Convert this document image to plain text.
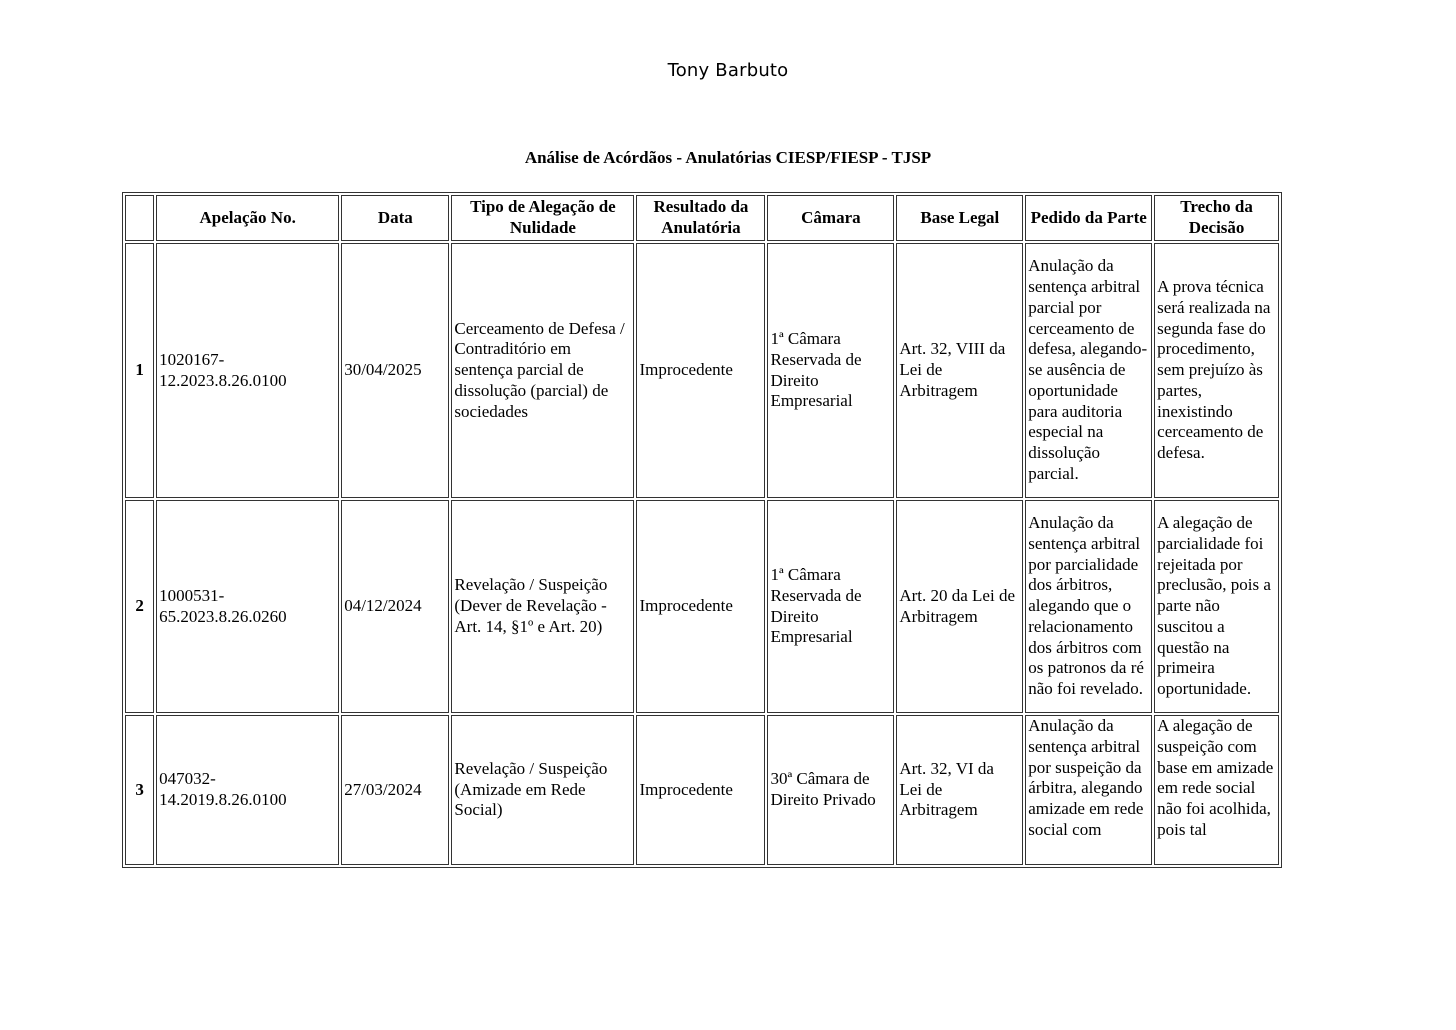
Tony Barbuto
Análise de Acórdãos - Anulatórias CIESP/FIESP - TJSP
	Apelação No.	Data	Tipo de Alegação de Nulidade	Resultado da Anulatória	Câmara	Base Legal	Pedido da Parte	Trecho da Decisão
1	1020167-12.2023.8.26.0100	30/04/2025	Cerceamento de Defesa / Contraditório em sentença parcial de dissolução (parcial) de sociedades	Improcedente	1ª Câmara Reservada de Direito Empresarial	Art. 32, VIII da Lei de Arbitragem	Anulação da sentença arbitral parcial por cerceamento de defesa, alegando-se ausência de oportunidade para auditoria especial na dissolução parcial.	A prova técnica será realizada na segunda fase do procedimento, sem prejuízo às partes, inexistindo cerceamento de defesa.
2	1000531-65.2023.8.26.0260	04/12/2024	Revelação / Suspeição (Dever de Revelação - Art. 14, §1º e Art. 20)	Improcedente	1ª Câmara Reservada de Direito Empresarial	Art. 20 da Lei de Arbitragem	Anulação da sentença arbitral por parcialidade dos árbitros, alegando que o relacionamento dos árbitros com os patronos da ré não foi revelado.	A alegação de parcialidade foi rejeitada por preclusão, pois a parte não suscitou a questão na primeira oportunidade.
3	047032-14.2019.8.26.0100	27/03/2024	Revelação / Suspeição (Amizade em Rede Social)	Improcedente	30ª Câmara de Direito Privado	Art. 32, VI da Lei de Arbitragem	Anulação da sentença arbitral por suspeição da árbitra, alegando amizade em rede social com	A alegação de suspeição com base em amizade em rede social não foi acolhida, pois tal
